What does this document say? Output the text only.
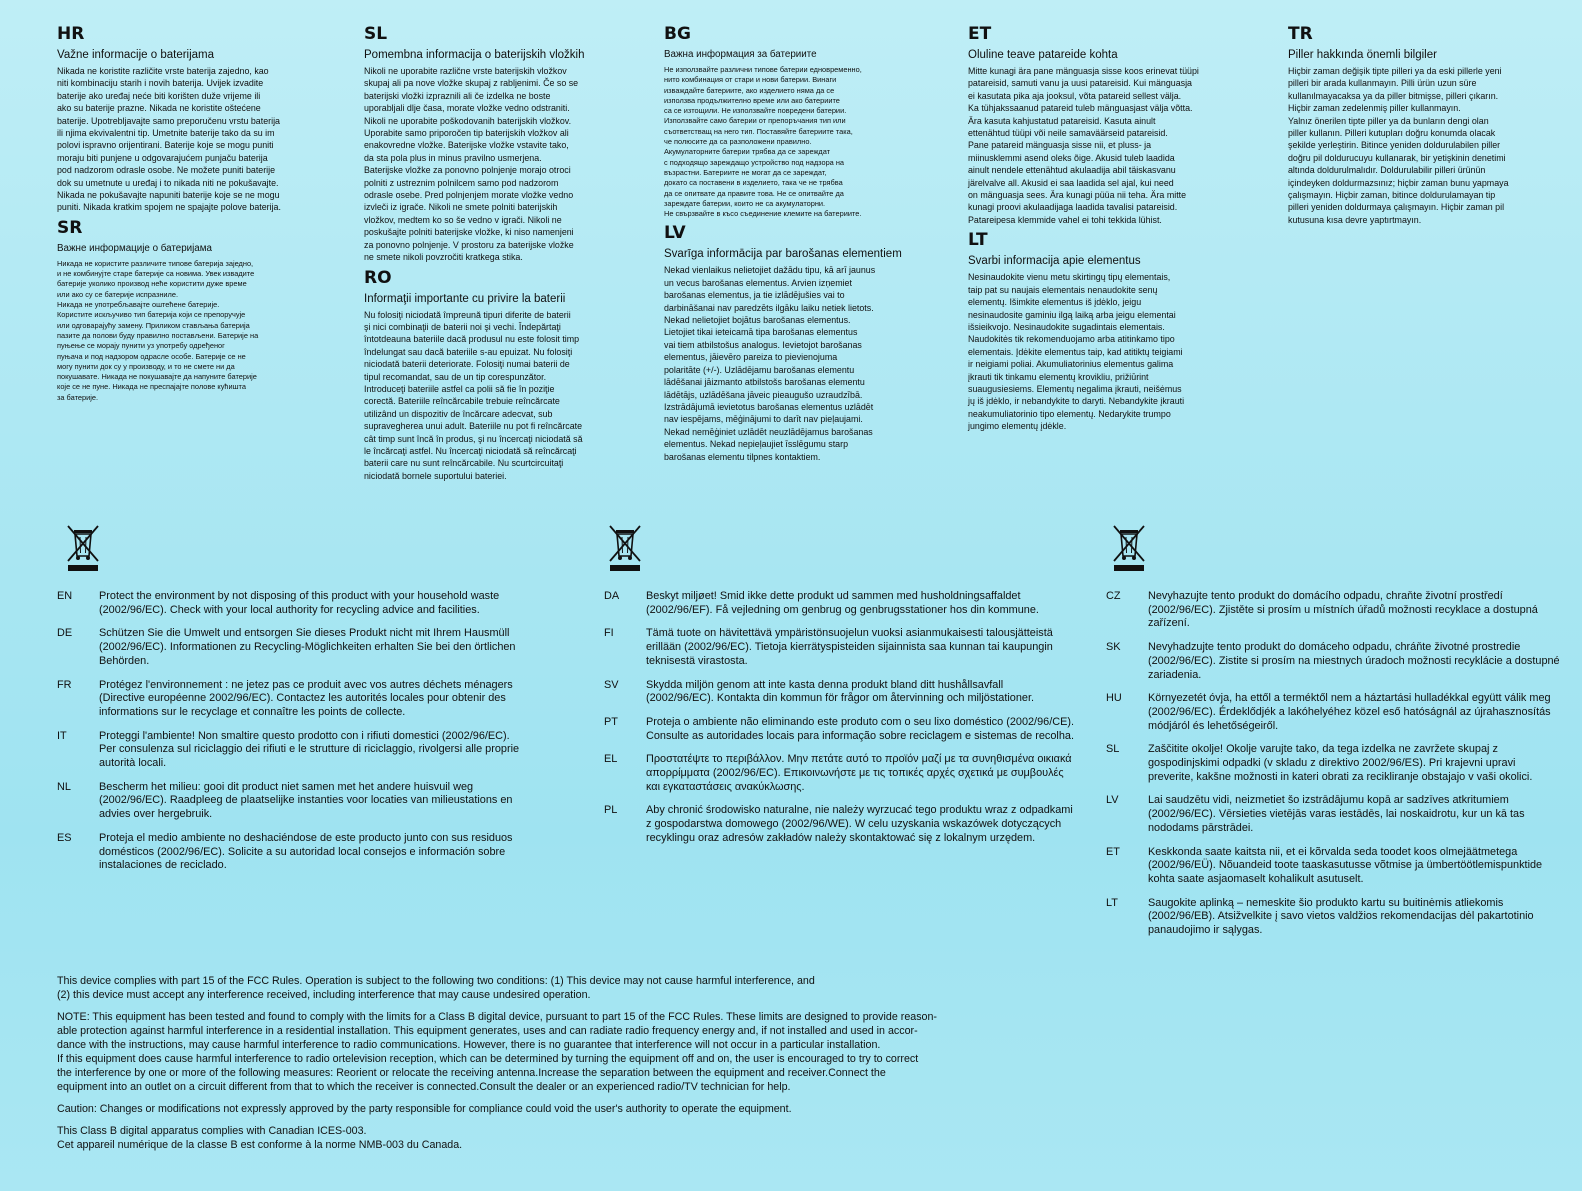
HR
Važne informacije o baterijama

Nikada ne koristite različite vrste baterija zajedno, kao
niti kombinaciju starih i novih baterija. Uvijek izvadite
baterije ako uređaj neće biti korišten duže vrijeme ili
ako su baterije prazne. Nikada ne koristite oštećene
baterije. Upotrebljavajte samo preporučenu vrstu baterija
ili njima ekvivalentni tip. Umetnite baterije tako da su im
polovi ispravno orijentirani. Baterije koje se mogu puniti
moraju biti punjene u odgovarajućem punjaču baterija
pod nadzorom odrasle osobe. Ne možete puniti baterije
dok su umetnute u uređaj i to nikada niti ne pokušavajte.
Nikada ne pokušavajte napuniti baterije koje se ne mogu
puniti. Nikada kratkim spojem ne spajajte polove baterija.

SR
Важне информације о батеријама

Никада не користите различите типове батерија заједно,
и не комбинујте старе батерије са новима. Увек извадите
батерије уколико производ неће користити дуже време
или ако су се батерије испразниле.
Никада не употребљавајте оштећене батерије.
Користите искључиво тип батерија који се препоручује
или одговарајућу замену. Приликом стављања батерија
пазите да полови буду правилно постављени. Батерије на
пуњење се морају пунити уз употребу одређеног
пуњача и под надзором одрасле особе. Батерије се не
могу пунити док су у производу, и то не сметe ни да
покушавате. Никада не покушавајте да напуните батерије
које се не пуне. Никада не преспајајте полове кућишта
за батерије.

SL
Pomembna informacija o baterijskih vložkih

Nikoli ne uporabite različne vrste baterijskih vložkov
skupaj ali pa nove vložke skupaj z rabljenimi. Če so se
baterijski vložki izpraznili ali če izdelka ne boste
uporabljali dlje časa, morate vložke vedno odstraniti.
Nikoli ne uporabite poškodovanih baterijskih vložkov.
Uporabite samo priporočen tip baterijskih vložkov ali
enakovredne vložke. Baterijske vložke vstavite tako,
da sta pola plus in minus pravilno usmerjena.
Baterijske vložke za ponovno polnjenje morajo otroci
polniti z ustreznim polnilcem samo pod nadzorom
odrasle osebe. Pred polnjenjem morate vložke vedno
izvleči iz igrače. Nikoli ne smete polniti baterijskih
vložkov, medtem ko so še vedno v igrači. Nikoli ne
poskušajte polniti baterijske vložke, ki niso namenjeni
za ponovno polnjenje. V prostoru za baterijske vložke
ne smete nikoli povzročiti kratkega stika.

RO
Informaţii importante cu privire la baterii

Nu folosiţi niciodată împreună tipuri diferite de baterii
şi nici combinaţii de baterii noi şi vechi. Îndepărtaţi
întotdeauna bateriile dacă produsul nu este folosit timp
îndelungat sau dacă bateriile s-au epuizat. Nu folosiţi
niciodată baterii deteriorate. Folosiţi numai baterii de
tipul recomandat, sau de un tip corespunzător.
Introduceţi bateriile astfel ca polii să fie în poziţie
corectă. Bateriile reîncărcabile trebuie reîncărcate
utilizând un dispozitiv de încărcare adecvat, sub
supravegherea unui adult. Bateriile nu pot fi reîncărcate
cât timp sunt încă în produs, şi nu încercaţi niciodată să
le încărcaţi astfel. Nu încercaţi niciodată să reîncărcaţi
baterii care nu sunt reîncărcabile. Nu scurtcircuitaţi
niciodată bornele suportului bateriei.

BG
Важна информация за батериите

Не използвайте различни типове батерии едновременно,
нито комбинация от стари и нови батерии. Винаги
изваждайте батериите, ако изделието няма да се
използва продължително време или ако батериите
са се изтощили. Не използвайте повредени батерии.
Използвайте само батерии от препоръчания тип или
съответстващ на него тип. Поставяйте батериите така,
че полюсите да са разположени правилно.
Акумулаторните батерии трябва да се зареждат
с подходящо зареждащо устройство под надзора на
възрастни. Батериите не могат да се зареждат,
докато са поставени в изделието, така че не трябва
да се опитвате да правите това. Не се опитвайте да
зареждате батерии, които не са акумулаторни.
Не свързвайте в късо съединение клемите на батериите.

LV
Svarīga informācija par barošanas elementiem

Nekad vienlaikus nelietojiet dažādu tipu, kā arī jaunus
un vecus barošanas elementus. Arvien izņemiet
barošanas elementus, ja tie izlādējušies vai to
darbināšanai nav paredzēts ilgāku laiku netiek lietots.
Nekad nelietojiet bojātus barošanas elementus.
Lietojiet tikai ieteicamā tipa barošanas elementus
vai tiem atbilstošus analogus. Ievietojot barošanas
elementus, jāievēro pareiza to pievienojuma
polaritāte (+/-). Uzlādējamu barošanas elementu
lādēšanai jāizmanto atbilstošs barošanas elementu
lādētājs, uzlādēšana jāveic pieaugušo uzraudzībā.
Izstrādājumā ievietotus barošanas elementus uzlādēt
nav iespējams, mēģinājumi to darīt nav pieļaujami.
Nekad nemēģiniet uzlādēt neuzlādējamus barošanas
elementus. Nekad nepieļaujiet īsslēgumu starp
barošanas elementu tilpnes kontaktiem.

ET
Oluline teave patareide kohta

Mitte kunagi ära pane mänguasja sisse koos erinevat tüüpi
patareisid, samuti vanu ja uusi patareisid. Kui mänguasja
ei kasutata pika aja jooksul, võta patareid sellest välja.
Ka tühjakssaanud patareid tuleb mänguasjast välja võtta.
Ära kasuta kahjustatud patareisid. Kasuta ainult
ettenähtud tüüpi või neile samaväärseid patareisid.
Pane patareid mänguasja sisse nii, et pluss- ja
miinusklemmi asend oleks õige. Akusid tuleb laadida
ainult nendele ettenähtud akulaadija abil täiskasvanu
järelvalve all. Akusid ei saa laadida sel ajal, kui need
on mänguasja sees. Ära kunagi püüa nii teha. Ära mitte
kunagi proovi akulaadijaga laadida tavalisi patareisid.
Patareipesa klemmide vahel ei tohi tekkida lühist.

LT
Svarbi informacija apie elementus

Nesinaudokite vienu metu skirtingų tipų elementais,
taip pat su naujais elementais nenaudokite senų
elementų. Išimkite elementus iš įdėklo, jeigu
nesinaudosite gaminiu ilgą laiką arba jeigu elementai
išsieikvojo. Nesinaudokite sugadintais elementais.
Naudokitės tik rekomenduojamo arba atitinkamo tipo
elementais. Įdėkite elementus taip, kad atitiktų teigiami
ir neigiami poliai. Akumuliatorinius elementus galima
įkrauti tik tinkamu elementų krovikliu, prižiūrint
suaugusiesiems. Elementų negalima įkrauti, neišėmus
jų iš įdėklo, ir nebandykite to daryti. Nebandykite įkrauti
neakumuliatorinio tipo elementų. Nedarykite trumpo
jungimo elementų įdėkle.

TR
Piller hakkında önemli bilgiler

Hiçbir zaman değişik tipte pilleri ya da eski pillerle yeni
pilleri bir arada kullanmayın. Pilli ürün uzun süre
kullanılmayacaksa ya da piller bitmişse, pilleri çıkarın.
Hiçbir zaman zedelenmiş piller kullanmayın.
Yalnız önerilen tipte piller ya da bunların dengi olan
piller kullanın. Pilleri kutupları doğru konumda olacak
şekilde yerleştirin. Bitince yeniden doldurulabilen piller
doğru pil doldurucuyu kullanarak, bir yetişkinin denetimi
altında doldurulmalıdır. Doldurulabilir pilleri ürünün
içindeyken doldurmazsınız; hiçbir zaman bunu yapmaya
çalışmayın. Hiçbir zaman, bitince doldurulamayan tip
pilleri yeniden doldurmaya çalışmayın. Hiçbir zaman pil
kutusuna kısa devre yaptırtmayın.

EN	Protect the environment by not disposing of this product with your household waste (2002/96/EC). Check with your local authority for recycling advice and facilities.

DE	Schützen Sie die Umwelt und entsorgen Sie dieses Produkt nicht mit Ihrem Hausmüll (2002/96/EC). Informationen zu Recycling-Möglichkeiten erhalten Sie bei den örtlichen Behörden.

FR	Protégez l'environnement : ne jetez pas ce produit avec vos autres déchets ménagers (Directive européenne 2002/96/EC). Contactez les autorités locales pour obtenir des informations sur le recyclage et connaître les points de collecte.

IT	Proteggi l'ambiente! Non smaltire questo prodotto con i rifiuti domestici (2002/96/EC). Per consulenza sul riciclaggio dei rifiuti e le strutture di riciclaggio, rivolgersi alle proprie autorità locali.

NL	Bescherm het milieu: gooi dit product niet samen met het andere huisvuil weg (2002/96/EC). Raadpleeg de plaatselijke instanties voor locaties van milieustations en advies over hergebruik.

ES	Proteja el medio ambiente no deshaciéndose de este producto junto con sus residuos domésticos (2002/96/EC). Solicite a su autoridad local consejos e información sobre instalaciones de reciclado.

DA	Beskyt miljøet! Smid ikke dette produkt ud sammen med husholdningsaffaldet (2002/96/EF). Få vejledning om genbrug og genbrugsstationer hos din kommune.

FI	Tämä tuote on hävitettävä ympäristönsuojelun vuoksi asianmukaisesti talousjätteistä erillään (2002/96/EC). Tietoja kierrätyspisteiden sijainnista saa kunnan tai kaupungin teknisestä virastosta.

SV	Skydda miljön genom att inte kasta denna produkt bland ditt hushållsavfall (2002/96/EC). Kontakta din kommun för frågor om återvinning och miljöstationer.

PT	Proteja o ambiente não eliminando este produto com o seu lixo doméstico (2002/96/CE). Consulte as autoridades locais para informação sobre reciclagem e sistemas de recolha.

EL	Προστατέψτε το περιβάλλον. Μην πετάτε αυτό το προϊόν μαζί με τα συνηθισμένα οικιακά απορρίμματα (2002/96/EC). Επικοινωνήστε με τις τοπικές αρχές σχετικά με συμβουλές και εγκαταστάσεις ανακύκλωσης.

PL	Aby chronić środowisko naturalne, nie należy wyrzucać tego produktu wraz z odpadkami z gospodarstwa domowego (2002/96/WE). W celu uzyskania wskazówek dotyczących recyklingu oraz adresów zakładów należy skontaktować się z lokalnym urzędem.

CZ	Nevyhazujte tento produkt do domácího odpadu, chraňte životní prostředí (2002/96/EC). Zjistěte si prosím u místních úřadů možnosti recyklace a dostupná zařízení.

SK	Nevyhadzujte tento produkt do domáceho odpadu, chráňte životné prostredie (2002/96/EC). Zistite si prosím na miestnych úradoch možnosti recyklácie a dostupné zariadenia.

HU	Környezetét óvja, ha ettől a terméktől nem a háztartási hulladékkal együtt válik meg (2002/96/EC). Érdeklődjék a lakóhelyéhez közel eső hatóságnál az újrahasznosítás módjáról és lehetőségeiről.

SL	Zaščitite okolje! Okolje varujte tako, da tega izdelka ne zavržete skupaj z gospodinjskimi odpadki (v skladu z direktivo 2002/96/ES). Pri krajevni upravi preverite, kakšne možnosti in kateri obrati za recikliranje obstajajo v vaši okolici.

LV	Lai saudzētu vidi, neizmetiet šo izstrādājumu kopā ar sadzīves atkritumiem (2002/96/EC). Vērsieties vietējās varas iestādēs, lai noskaidrotu, kur un kā tas nododams pārstrādei.

ET	Keskkonda saate kaitsta nii, et ei kõrvalda seda toodet koos olmejäätmetega (2002/96/EÜ). Nõuandeid toote taaskasutusse võtmise ja ümbertöötlemispunktide kohta saate asjaomaselt kohalikult asutuselt.

LT	Saugokite aplinką – nemeskite šio produkto kartu su buitinėmis atliekomis (2002/96/EB). Atsižvelkite į savo vietos valdžios rekomendacijas dėl pakartotinio panaudojimo ir sąlygas.

This device complies with part 15 of the FCC Rules. Operation is subject to the following two conditions: (1) This device may not cause harmful interference, and
(2) this device must accept any interference received, including interference that may cause undesired operation.

NOTE: This equipment has been tested and found to comply with the limits for a Class B digital device, pursuant to part 15 of the FCC Rules. These limits are designed to provide reason-
able protection against harmful interference in a residential installation. This equipment generates, uses and can radiate radio frequency energy and, if not installed and used in accor-
dance with the instructions, may cause harmful interference to radio communications. However, there is no guarantee that interference will not occur in a particular installation.
If this equipment does cause harmful interference to radio ortelevision reception, which can be determined by turning the equipment off and on, the user is encouraged to try to correct
the interference by one or more of the following measures: Reorient or relocate the receiving antenna.Increase the separation between the equipment and receiver.Connect the
equipment into an outlet on a circuit different from that to which the receiver is connected.Consult the dealer or an experienced radio/TV technician for help.

Caution: Changes or modifications not expressly approved by the party responsible for compliance could void the user's authority to operate the equipment.

This Class B digital apparatus complies with Canadian ICES-003.
Cet appareil numérique de la classe B est conforme à la norme NMB-003 du Canada.
